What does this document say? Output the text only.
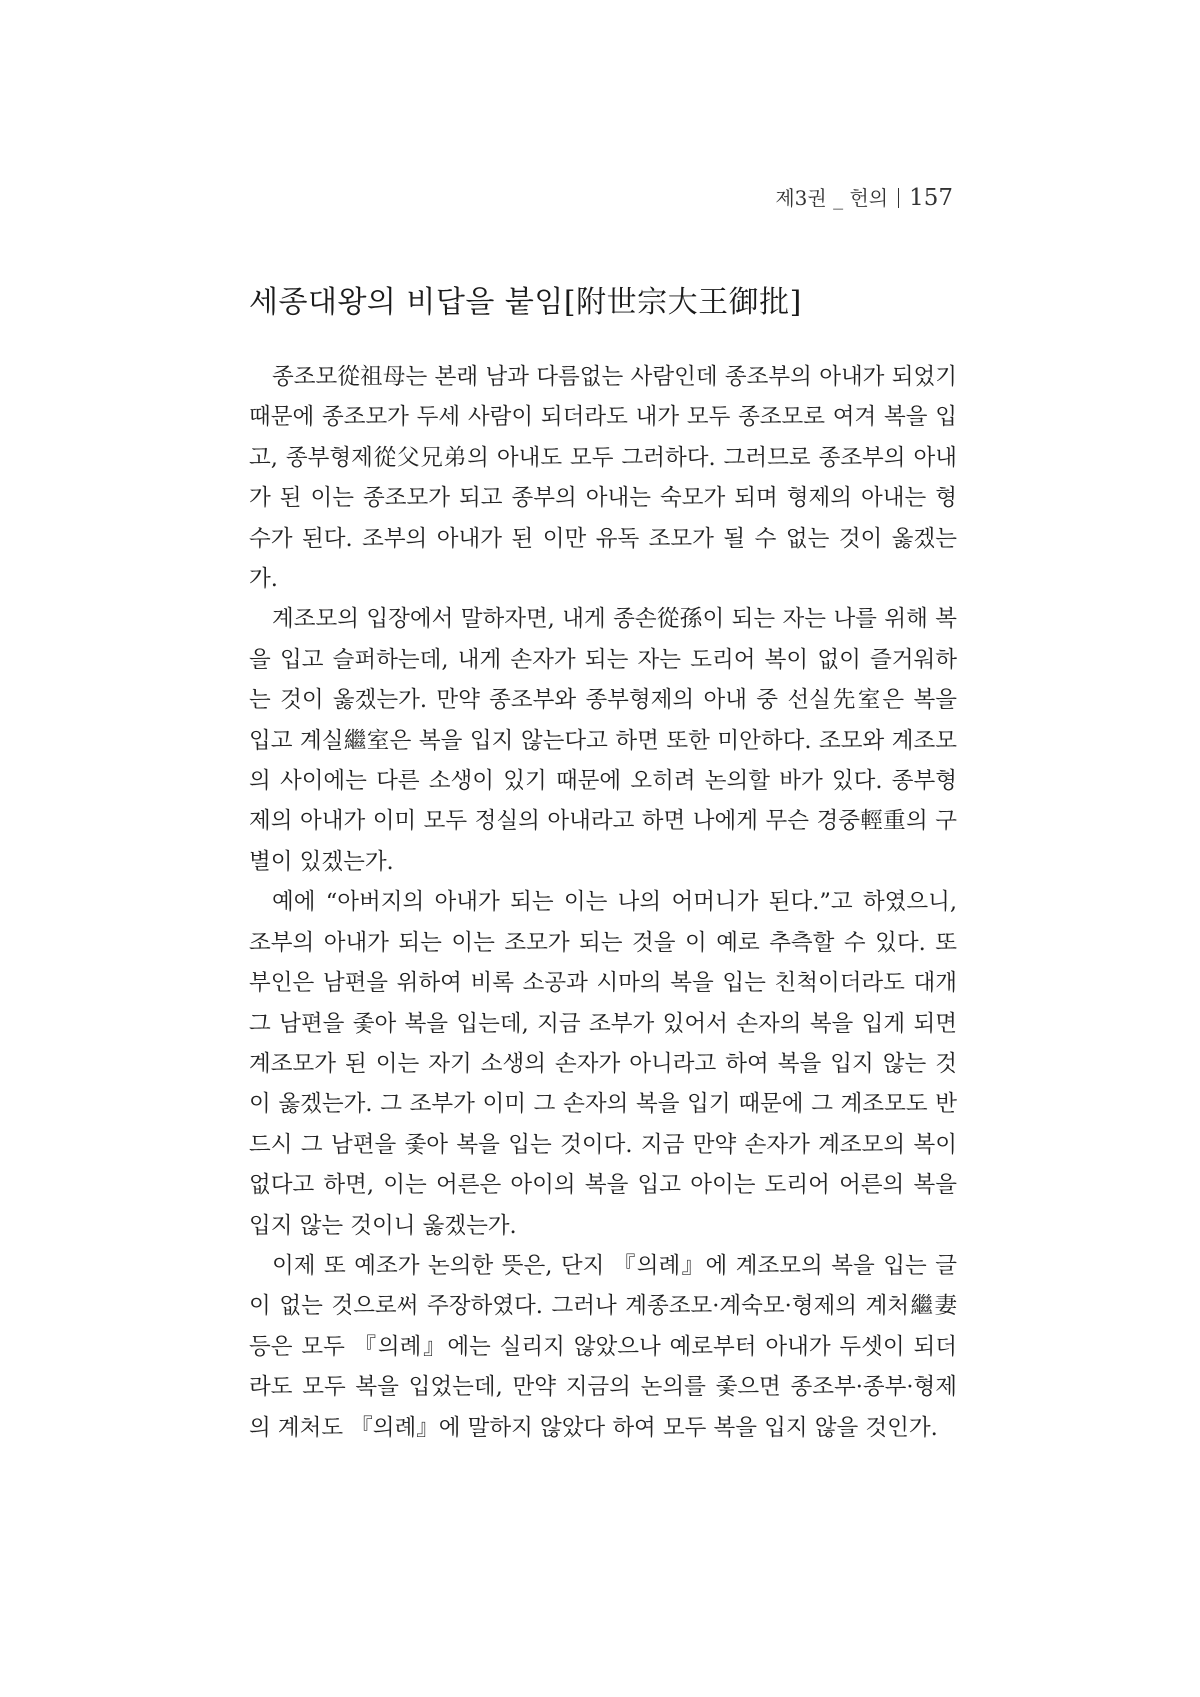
제3권 _ 헌의 157
세종대왕의 비답을 붙임[附世宗大王御批]

종조모從祖母는 본래 남과 다름없는 사람인데 종조부의 아내가 되었기 때문에 종조모가 두세 사람이 되더라도 내가 모두 종조모로 여겨 복을 입고, 종부형제從父兄弟의 아내도 모두 그러하다. 그러므로 종조부의 아내가 된 이는 종조모가 되고 종부의 아내는 숙모가 되며 형제의 아내는 형수가 된다. 조부의 아내가 된 이만 유독 조모가 될 수 없는 것이 옳겠는가.

계조모의 입장에서 말하자면, 내게 종손從孫이 되는 자는 나를 위해 복을 입고 슬퍼하는데, 내게 손자가 되는 자는 도리어 복이 없이 즐거워하는 것이 옳겠는가. 만약 종조부와 종부형제의 아내 중 선실先室은 복을 입고 계실繼室은 복을 입지 않는다고 하면 또한 미안하다. 조모와 계조모의 사이에는 다른 소생이 있기 때문에 오히려 논의할 바가 있다. 종부형제의 아내가 이미 모두 정실의 아내라고 하면 나에게 무슨 경중輕重의 구별이 있겠는가.

예에 “아버지의 아내가 되는 이는 나의 어머니가 된다.”고 하였으니, 조부의 아내가 되는 이는 조모가 되는 것을 이 예로 추측할 수 있다. 또 부인은 남편을 위하여 비록 소공과 시마의 복을 입는 친척이더라도 대개 그 남편을 좇아 복을 입는데, 지금 조부가 있어서 손자의 복을 입게 되면 계조모가 된 이는 자기 소생의 손자가 아니라고 하여 복을 입지 않는 것이 옳겠는가. 그 조부가 이미 그 손자의 복을 입기 때문에 그 계조모도 반드시 그 남편을 좇아 복을 입는 것이다. 지금 만약 손자가 계조모의 복이 없다고 하면, 이는 어른은 아이의 복을 입고 아이는 도리어 어른의 복을 입지 않는 것이니 옳겠는가.

이제 또 예조가 논의한 뜻은, 단지 『의례』에 계조모의 복을 입는 글이 없는 것으로써 주장하였다. 그러나 계종조모·계숙모·형제의 계처繼妻 등은 모두 『의례』에는 실리지 않았으나 예로부터 아내가 두셋이 되더라도 모두 복을 입었는데, 만약 지금의 논의를 좇으면 종조부·종부·형제의 계처도 『의례』에 말하지 않았다 하여 모두 복을 입지 않을 것인가.
